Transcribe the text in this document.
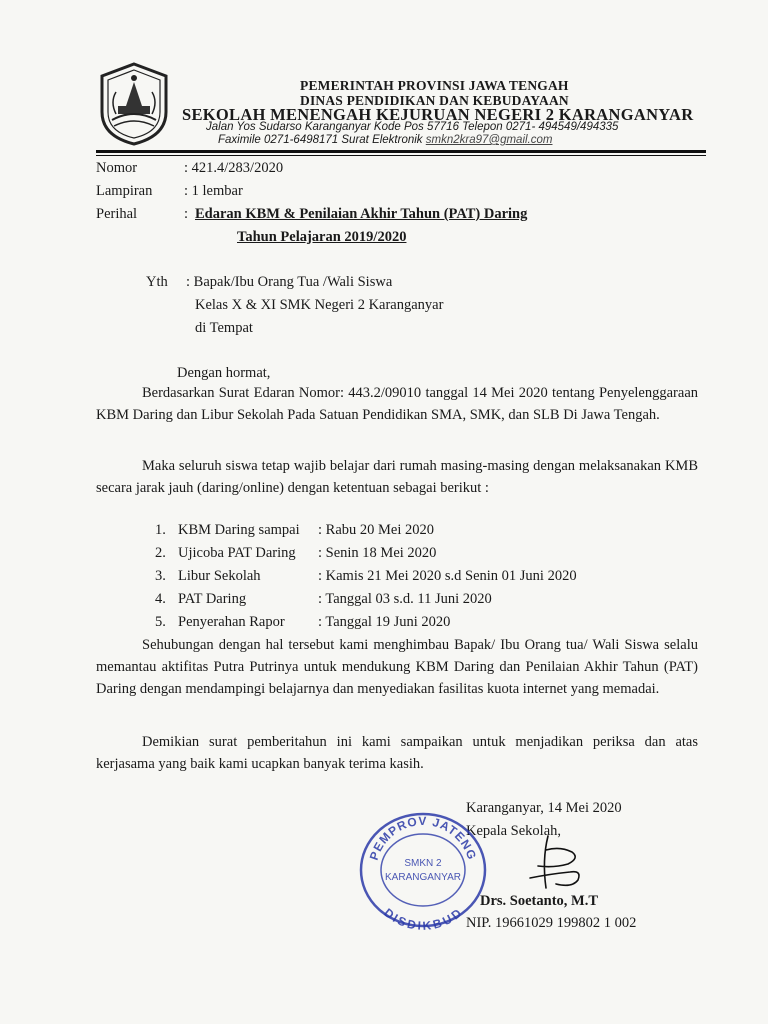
PEMERINTAH PROVINSI JAWA TENGAH
DINAS PENDIDIKAN DAN KEBUDAYAAN
SEKOLAH MENENGAH KEJURUAN NEGERI 2 KARANGANYAR
Jalan Yos Sudarso Karanganyar Kode Pos 57716 Telepon 0271- 494549/494335
Faximile 0271-6498171 Surat Elektronik smkn2kra97@gmail.com
Nomor	: 421.4/283/2020
Lampiran : 1 lembar
Perihal	: Edaran KBM & Penilaian Akhir Tahun (PAT) Daring
Tahun Pelajaran 2019/2020
Yth : Bapak/Ibu Orang Tua /Wali Siswa
Kelas X & XI SMK Negeri 2 Karanganyar
di Tempat
Dengan hormat,
Berdasarkan Surat Edaran Nomor: 443.2/09010 tanggal 14 Mei 2020 tentang Penyelenggaraan KBM Daring dan Libur Sekolah Pada Satuan Pendidikan SMA, SMK, dan SLB Di Jawa Tengah.
Maka seluruh siswa tetap wajib belajar dari rumah masing-masing dengan melaksanakan KMB secara jarak jauh (daring/online) dengan ketentuan sebagai berikut :
1. KBM Daring sampai : Rabu 20 Mei 2020
2. Ujicoba PAT Daring : Senin 18 Mei 2020
3. Libur Sekolah	: Kamis 21 Mei 2020 s.d Senin 01 Juni 2020
4. PAT Daring	: Tanggal 03 s.d. 11 Juni 2020
5. Penyerahan Rapor : Tanggal 19 Juni 2020
Sehubungan dengan hal tersebut kami menghimbau Bapak/ Ibu Orang tua/ Wali Siswa selalu memantau aktifitas Putra Putrinya untuk mendukung KBM Daring dan Penilaian Akhir Tahun (PAT) Daring dengan mendampingi belajarnya dan menyediakan fasilitas kuota internet yang memadai.
Demikian surat pemberitahun ini kami sampaikan untuk menjadikan periksa dan atas kerjasama yang baik kami ucapkan banyak terima kasih.
Karanganyar, 14 Mei 2020
Kepala Sekolah,
Drs. Soetanto, M.T
NIP. 19661029 199802 1 002
PEMPROV JATENG
DISDIKBUD
SMKN 2
KARANGANYAR
